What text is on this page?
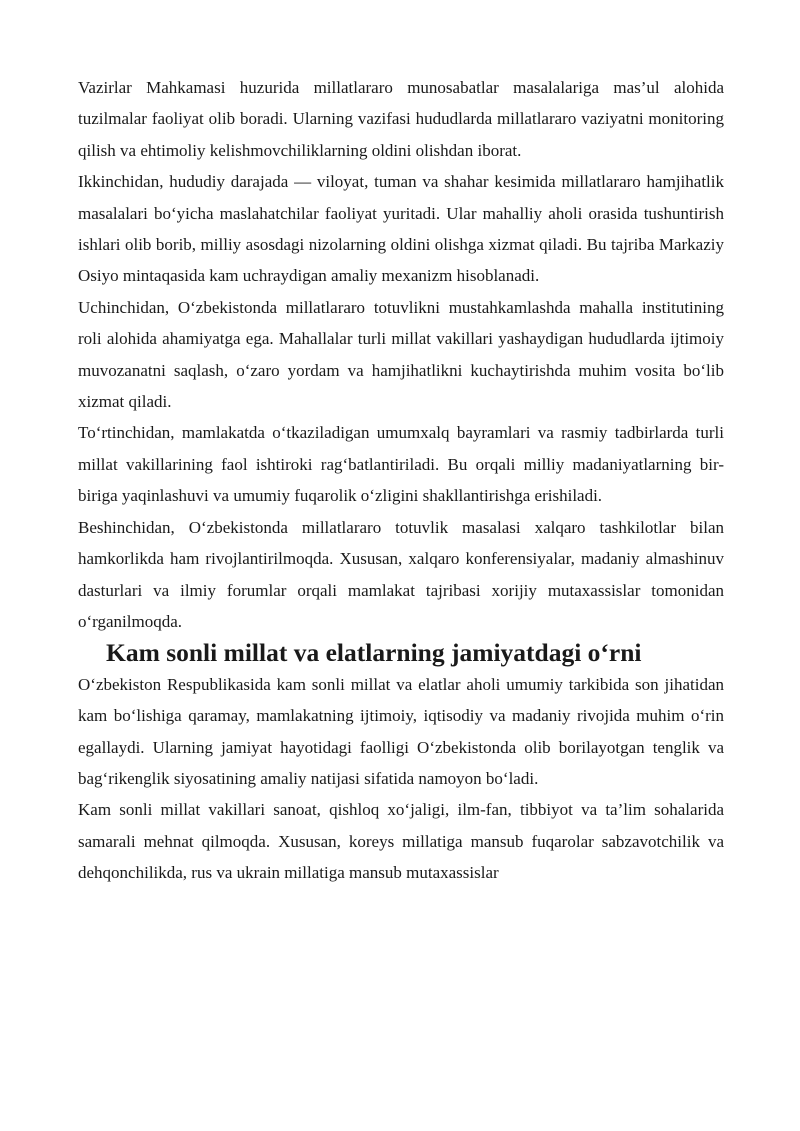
Vazirlar Mahkamasi huzurida millatlararo munosabatlar masalalariga mas’ul alohida tuzilmalar faoliyat olib boradi. Ularning vazifasi hududlarda millatlararo vaziyatni monitoring qilish va ehtimoliy kelishmovchiliklarning oldini olishdan iborat.

Ikkinchidan, hududiy darajada — viloyat, tuman va shahar kesimida millatlararo hamjihatlik masalalari bo‘yicha maslahatchilar faoliyat yuritadi. Ular mahalliy aholi orasida tushuntirish ishlari olib borib, milliy asosdagi nizolarning oldini olishga xizmat qiladi. Bu tajriba Markaziy Osiyo mintaqasida kam uchraydigan amaliy mexanizm hisoblanadi.

Uchinchidan, O‘zbekistonda millatlararo totuvlikni mustahkamlashda mahalla institutining roli alohida ahamiyatga ega. Mahallalar turli millat vakillari yashaydigan hududlarda ijtimoiy muvozanatni saqlash, o‘zaro yordam va hamjihatlikni kuchaytirishda muhim vosita bo‘lib xizmat qiladi.

To‘rtinchidan, mamlakatda o‘tkaziladigan umumxalq bayramlari va rasmiy tadbirlarda turli millat vakillarining faol ishtiroki rag‘batlantiriladi. Bu orqali milliy madaniyatlarning bir-biriga yaqinlashuvi va umumiy fuqarolik o‘zligini shakllantirishga erishiladi.

Beshinchidan, O‘zbekistonda millatlararo totuvlik masalasi xalqaro tashkilotlar bilan hamkorlikda ham rivojlantirilmoqda. Xususan, xalqaro konferensiyalar, madaniy almashinuv dasturlari va ilmiy forumlar orqali mamlakat tajribasi xorijiy mutaxassislar tomonidan o‘rganilmoqda.

Kam sonli millat va elatlarning jamiyatdagi o‘rni

O‘zbekiston Respublikasida kam sonli millat va elatlar aholi umumiy tarkibida son jihatidan kam bo‘lishiga qaramay, mamlakatning ijtimoiy, iqtisodiy va madaniy rivojida muhim o‘rin egallaydi. Ularning jamiyat hayotidagi faolligi O‘zbekistonda olib borilayotgan tenglik va bag‘rikenglik siyosatining amaliy natijasi sifatida namoyon bo‘ladi.

Kam sonli millat vakillari sanoat, qishloq xo‘jaligi, ilm-fan, tibbiyot va ta’lim sohalarida samarali mehnat qilmoqda. Xususan, koreys millatiga mansub fuqarolar sabzavotchilik va dehqonchilikda, rus va ukrain millatiga mansub mutaxassislar
